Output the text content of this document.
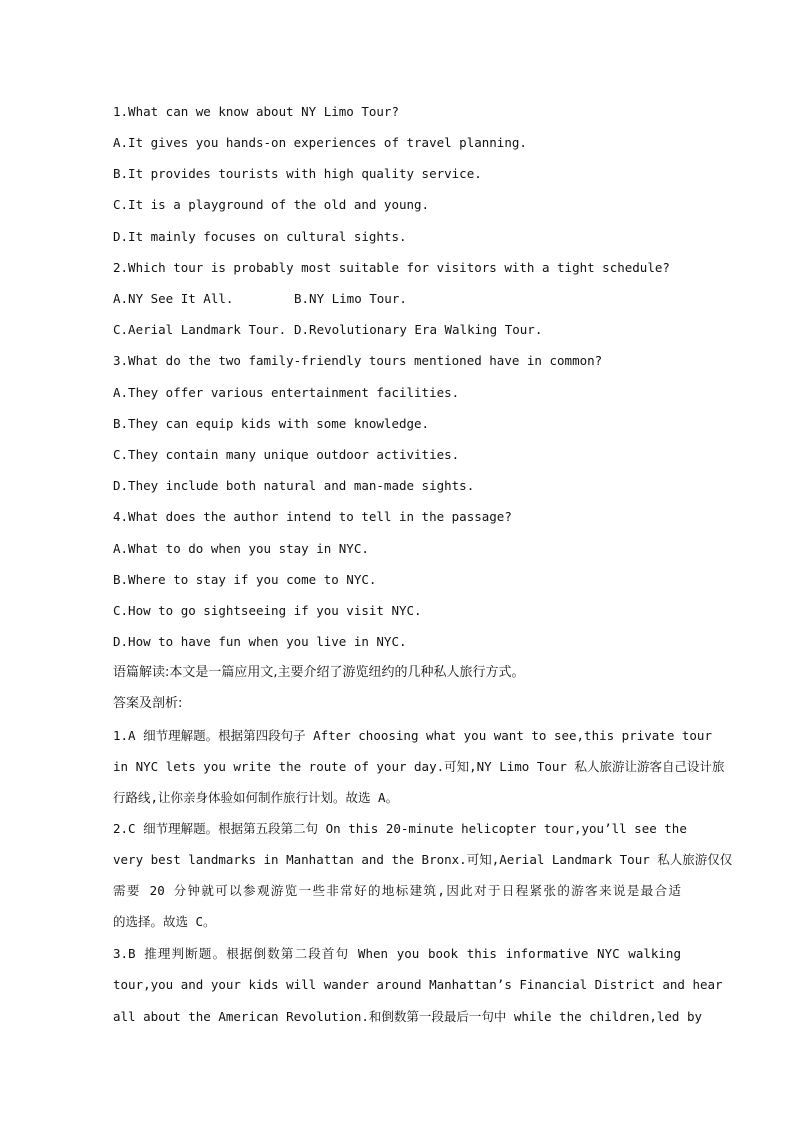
1.What can we know about NY Limo Tour?
A.It gives you hands-on experiences of travel planning.
B.It provides tourists with high quality service.
C.It is a playground of the old and young.
D.It mainly focuses on cultural sights.
2.Which tour is probably most suitable for visitors with a tight schedule?
A.NY See It All.	B.NY Limo Tour.
C.Aerial Landmark Tour. D.Revolutionary Era Walking Tour.
3.What do the two family-friendly tours mentioned have in common?
A.They offer various entertainment facilities.
B.They can equip kids with some knowledge.
C.They contain many unique outdoor activities.
D.They include both natural and man-made sights.
4.What does the author intend to tell in the passage?
A.What to do when you stay in NYC.
B.Where to stay if you come to NYC.
C.How to go sightseeing if you visit NYC.
D.How to have fun when you live in NYC.
语篇解读:本文是一篇应用文,主要介绍了游览纽约的几种私人旅行方式。
答案及剖析:
1.A 细节理解题。根据第四段句子 After choosing what you want to see,this private tour
in NYC lets you write the route of your day.可知,NY Limo Tour 私人旅游让游客自己设计旅
行路线,让你亲身体验如何制作旅行计划。故选 A。
2.C 细节理解题。根据第五段第二句 On this 20-minute helicopter tour,you’ll see the
very best landmarks in Manhattan and the Bronx.可知,Aerial Landmark Tour 私人旅游仅仅
需要 20 分钟就可以参观游览一些非常好的地标建筑,因此对于日程紧张的游客来说是最合适
的选择。故选 C。
3.B 推理判断题。根据倒数第二段首句 When you book this informative NYC walking
tour,you and your kids will wander around Manhattan’s Financial District and hear
all about the American Revolution.和倒数第一段最后一句中 while the children,led by
